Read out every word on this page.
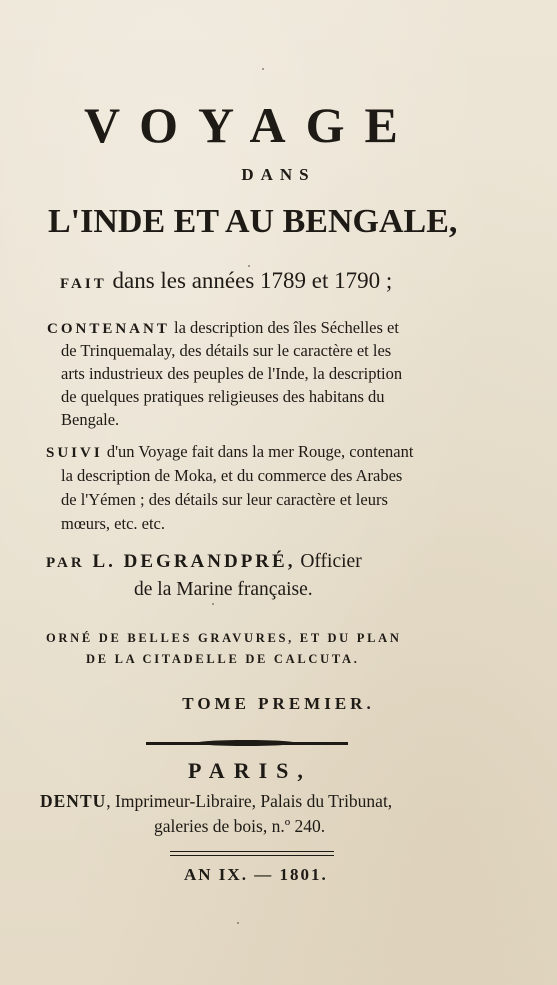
VOYAGE
DANS
L'INDE ET AU BENGALE,
FAIT dans les années 1789 et 1790 ;
CONTENANT la description des îles Séchelles et
de Trinquemalay, des détails sur le caractère et les
arts industrieux des peuples de l'Inde, la description
de quelques pratiques religieuses des habitans du
Bengale.
SUIVI d'un Voyage fait dans la mer Rouge, contenant
la description de Moka, et du commerce des Arabes
de l'Yémen ; des détails sur leur caractère et leurs
mœurs, etc. etc.
PAR L. DEGRANDPRÉ, Officier
de la Marine française.
ORNÉ DE BELLES GRAVURES, ET DU PLAN
DE LA CITADELLE DE CALCUTA.
TOME PREMIER.
PARIS,
DENTU, Imprimeur-Libraire, Palais du Tribunat,
galeries de bois, n.º 240.
AN IX. — 1801.
